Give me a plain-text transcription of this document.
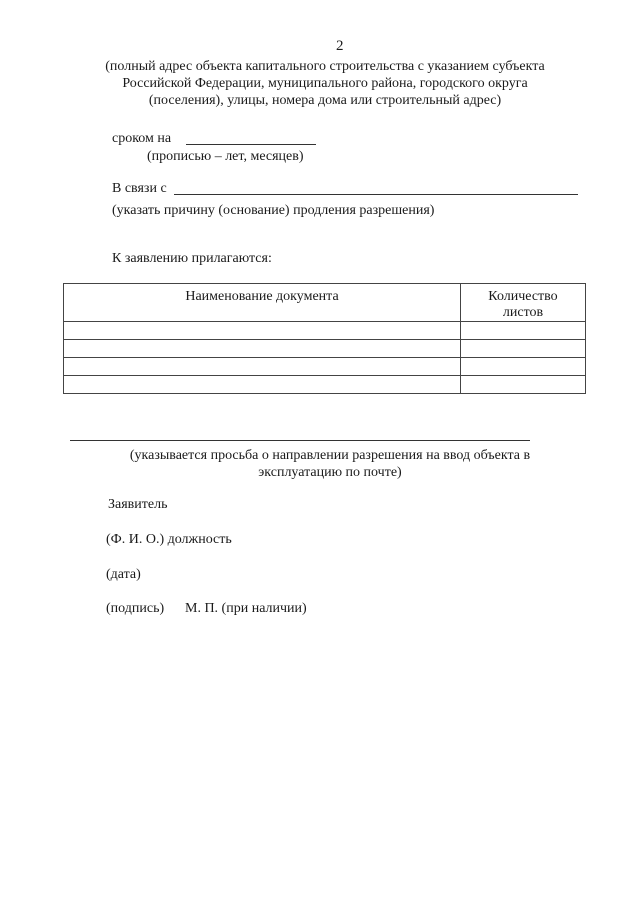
2
(полный адрес объекта капитального строительства с указанием субъекта
Российской Федерации, муниципального района, городского округа
(поселения), улицы, номера дома или строительный адрес)
сроком на
(прописью – лет, месяцев)
В связи с
(указать причину (основание) продления разрешения)
К заявлению прилагаются:
Наименование документа	Количество листов

(указывается просьба о направлении разрешения на ввод объекта в
эксплуатацию по почте)
Заявитель
(Ф. И. О.) должность
(дата)
(подпись) М. П. (при наличии)
